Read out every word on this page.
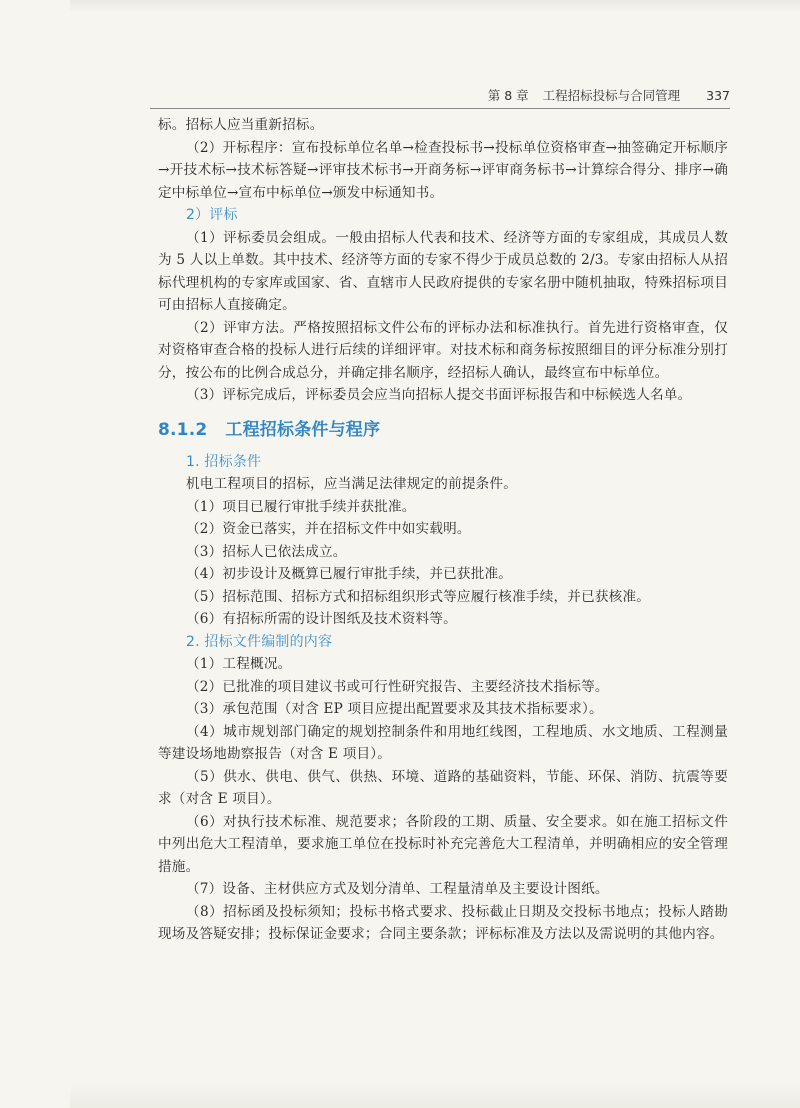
第 8 章 工程招标投标与合同管理 337

标。招标人应当重新招标。

（2）开标程序：宣布投标单位名单→检查投标书→投标单位资格审查→抽签确定开标顺序→开技术标→技术标答疑→评审技术标书→开商务标→评审商务标书→计算综合得分、排序→确定中标单位→宣布中标单位→颁发中标通知书。

2）评标

（1）评标委员会组成。一般由招标人代表和技术、经济等方面的专家组成，其成员人数为 5 人以上单数。其中技术、经济等方面的专家不得少于成员总数的 2/3。专家由招标人从招标代理机构的专家库或国家、省、直辖市人民政府提供的专家名册中随机抽取，特殊招标项目可由招标人直接确定。

（2）评审方法。严格按照招标文件公布的评标办法和标准执行。首先进行资格审查，仅对资格审查合格的投标人进行后续的详细评审。对技术标和商务标按照细目的评分标准分别打分，按公布的比例合成总分，并确定排名顺序，经招标人确认，最终宣布中标单位。

（3）评标完成后，评标委员会应当向招标人提交书面评标报告和中标候选人名单。

8.1.2 工程招标条件与程序

1. 招标条件

机电工程项目的招标，应当满足法律规定的前提条件。

（1）项目已履行审批手续并获批准。

（2）资金已落实，并在招标文件中如实载明。

（3）招标人已依法成立。

（4）初步设计及概算已履行审批手续，并已获批准。

（5）招标范围、招标方式和招标组织形式等应履行核准手续，并已获核准。

（6）有招标所需的设计图纸及技术资料等。

2. 招标文件编制的内容

（1）工程概况。

（2）已批准的项目建议书或可行性研究报告、主要经济技术指标等。

（3）承包范围（对含 EP 项目应提出配置要求及其技术指标要求）。

（4）城市规划部门确定的规划控制条件和用地红线图，工程地质、水文地质、工程测量等建设场地勘察报告（对含 E 项目）。

（5）供水、供电、供气、供热、环境、道路的基础资料，节能、环保、消防、抗震等要求（对含 E 项目）。

（6）对执行技术标准、规范要求；各阶段的工期、质量、安全要求。如在施工招标文件中列出危大工程清单，要求施工单位在投标时补充完善危大工程清单，并明确相应的安全管理措施。

（7）设备、主材供应方式及划分清单、工程量清单及主要设计图纸。

（8）招标函及投标须知；投标书格式要求、投标截止日期及交投标书地点；投标人踏勘现场及答疑安排；投标保证金要求；合同主要条款；评标标准及方法以及需说明的其他内容。
